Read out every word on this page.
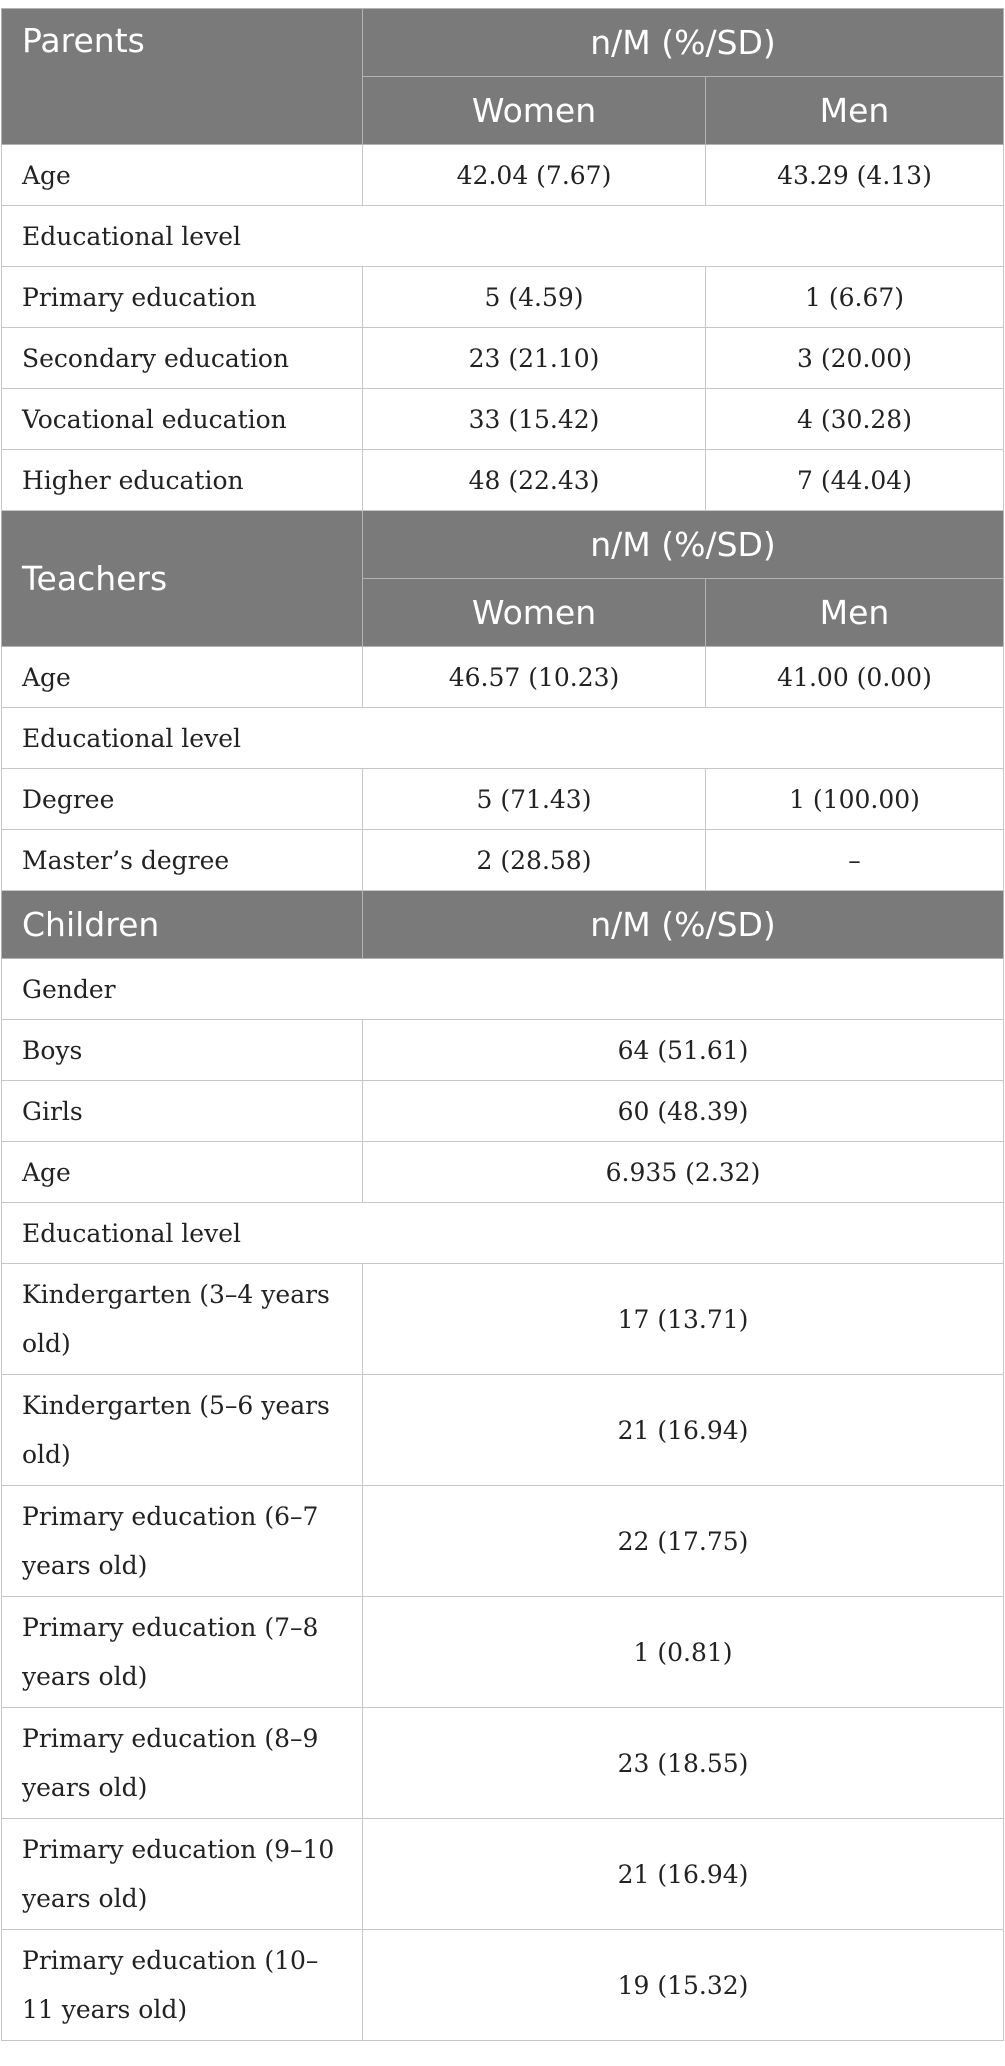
Parents	n/M (%/SD)	
	Women	Men
Age	42.04 (7.67)	43.29 (4.13)
Educational level		
Primary education	5 (4.59)	1 (6.67)
Secondary education	23 (21.10)	3 (20.00)
Vocational education	33 (15.42)	4 (30.28)
Higher education	48 (22.43)	7 (44.04)
Teachers	n/M (%/SD)	
	Women	Men
Age	46.57 (10.23)	41.00 (0.00)
Educational level		
Degree	5 (71.43)	1 (100.00)
Master’s degree	2 (28.58)	–
Children	n/M (%/SD)	
Gender		
Boys	64 (51.61)	
Girls	60 (48.39)	
Age	6.935 (2.32)	
Educational level		
Kindergarten (3–4 years old)	17 (13.71)	
Kindergarten (5–6 years old)	21 (16.94)	
Primary education (6–7 years old)	22 (17.75)	
Primary education (7–8 years old)	1 (0.81)	
Primary education (8–9 years old)	23 (18.55)	
Primary education (9–10 years old)	21 (16.94)	
Primary education (10–11 years old)	19 (15.32)	
